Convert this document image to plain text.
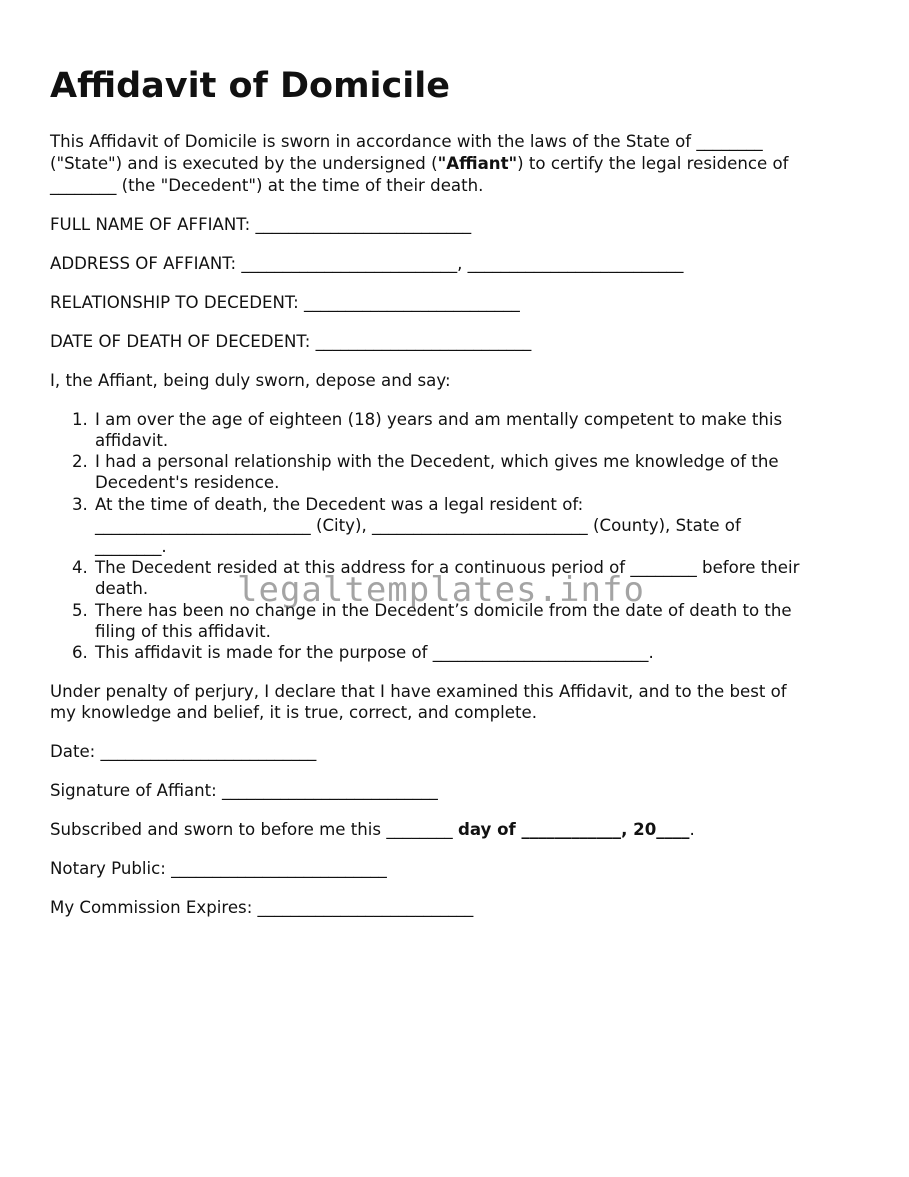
Affidavit of Domicile
This Affidavit of Domicile is sworn in accordance with the laws of the State of ________
("State") and is executed by the undersigned ("Affiant") to certify the legal residence of
________ (the "Decedent") at the time of their death.
FULL NAME OF AFFIANT: __________________________
ADDRESS OF AFFIANT: __________________________, __________________________
RELATIONSHIP TO DECEDENT: __________________________
DATE OF DEATH OF DECEDENT: __________________________
I, the Affiant, being duly sworn, depose and say:
1. I am over the age of eighteen (18) years and am mentally competent to make this
affidavit.
2. I had a personal relationship with the Decedent, which gives me knowledge of the
Decedent's residence.
3. At the time of death, the Decedent was a legal resident of:
__________________________ (City), __________________________ (County), State of
________.
4. The Decedent resided at this address for a continuous period of ________ before their
death.
5. There has been no change in the Decedent’s domicile from the date of death to the
filing of this affidavit.
6. This affidavit is made for the purpose of __________________________.
Under penalty of perjury, I declare that I have examined this Affidavit, and to the best of
my knowledge and belief, it is true, correct, and complete.
Date: __________________________
Signature of Affiant: __________________________
Subscribed and sworn to before me this ________ day of ____________, 20____.
Notary Public: __________________________
My Commission Expires: __________________________
legaltemplates.info
